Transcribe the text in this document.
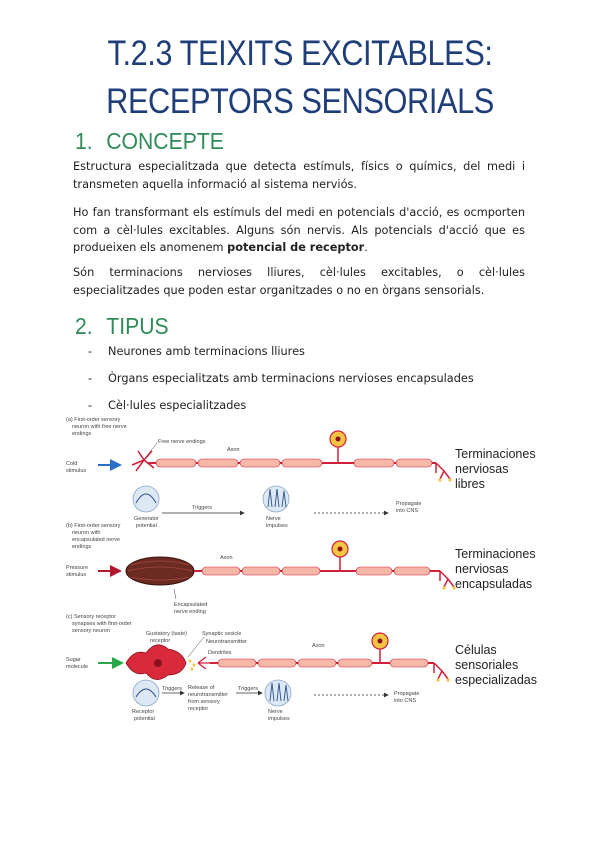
T.2.3 TEIXITS EXCITABLES:
RECEPTORS SENSORIALS
1. CONCEPTE
Estructura especialitzada que detecta estímuls, físics o químics, del medi i transmeten aquella informació al sistema nerviós.
Ho fan transformant els estímuls del medi en potencials d'acció, es ocmporten com a cèl·lules excitables. Alguns són nervis. Als potencials d'acció que es produeixen els anomenem potencial de receptor.
Són terminacions nervioses lliures, cèl·lules excitables, o cèl·lules especialitzades que poden estar organitzades o no en òrgans sensorials.
2. TIPUS
- Neurones amb terminacions lliures
- Òrgans especialitzats amb terminacions nervioses encapsulades
- Cèl·lules especialitzades
(a) First-order sensory
neuron with free nerve
endings
Cold
stimulus
Free nerve endings
Axon
Generator
potential
Triggers
Nerve
impulses
Propagate
into CNS
(b) First-order sensory
neuron with
encapsulated nerve
endings
Pressure
stimulus
Encapsulated
nerve ending
Axon
(c) Sensory receptor
synapses with first-order
sensory neuron
Sugar
molecule
Gustatory (taste)
receptor
Synaptic vesicle
Neurotransmitter
Dendrites
Axon
Receptor
potential
Triggers Release of
neurotransmitter
from sensory
receptor
Triggers
Nerve
impulses
Propagate
into CNS
Terminaciones
nerviosas
libres
Terminaciones
nerviosas
encapsuladas
Células
sensoriales
especializadas
